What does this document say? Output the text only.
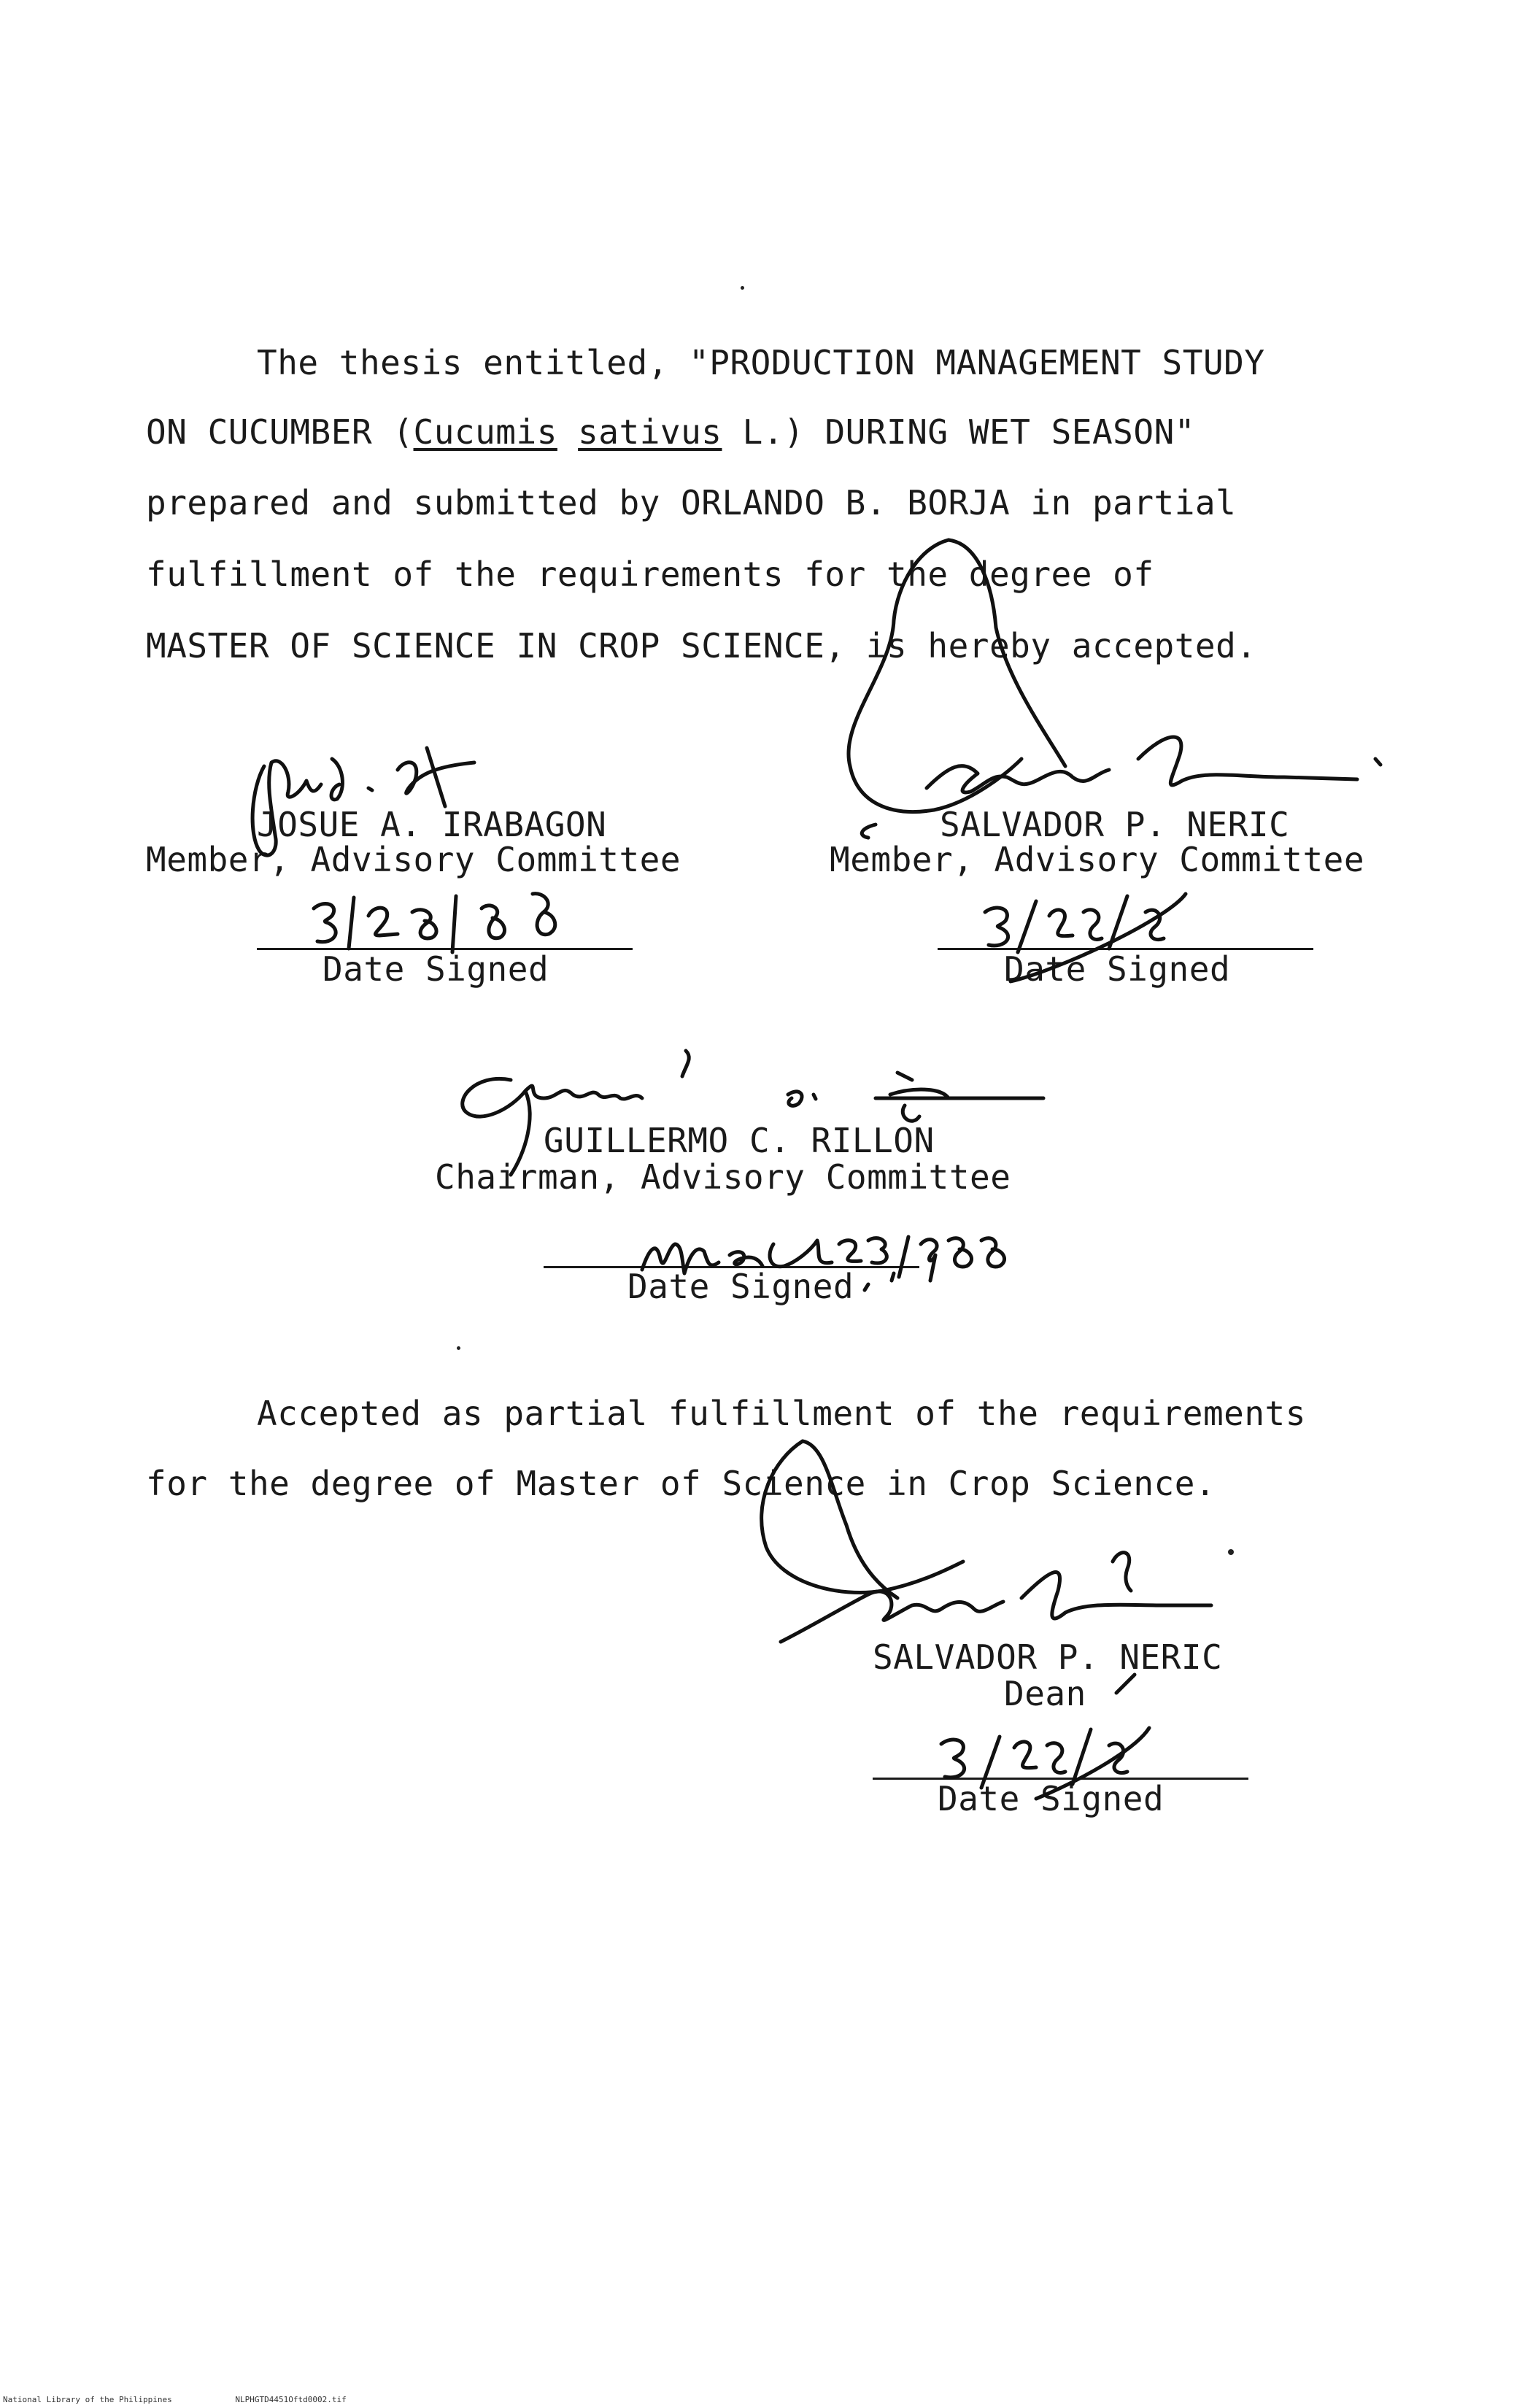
The thesis entitled, "PRODUCTION MANAGEMENT STUDY
ON CUCUMBER (Cucumis sativus L.) DURING WET SEASON"
prepared and submitted by ORLANDO B. BORJA in partial
fulfillment of the requirements for the degree of
MASTER OF SCIENCE IN CROP SCIENCE, is hereby accepted.
JOSUE A. IRABAGON
Member, Advisory Committee
Date Signed
SALVADOR P. NERIC
Member, Advisory Committee
Date Signed
GUILLERMO C. RILLON
Chairman, Advisory Committee
Date Signed
Accepted as partial fulfillment of the requirements
for the degree of Master of Science in Crop Science.
SALVADOR P. NERIC
Dean
Date Signed
National Library of the Philippines	NLPHGTD4451Oftd0002.tif
